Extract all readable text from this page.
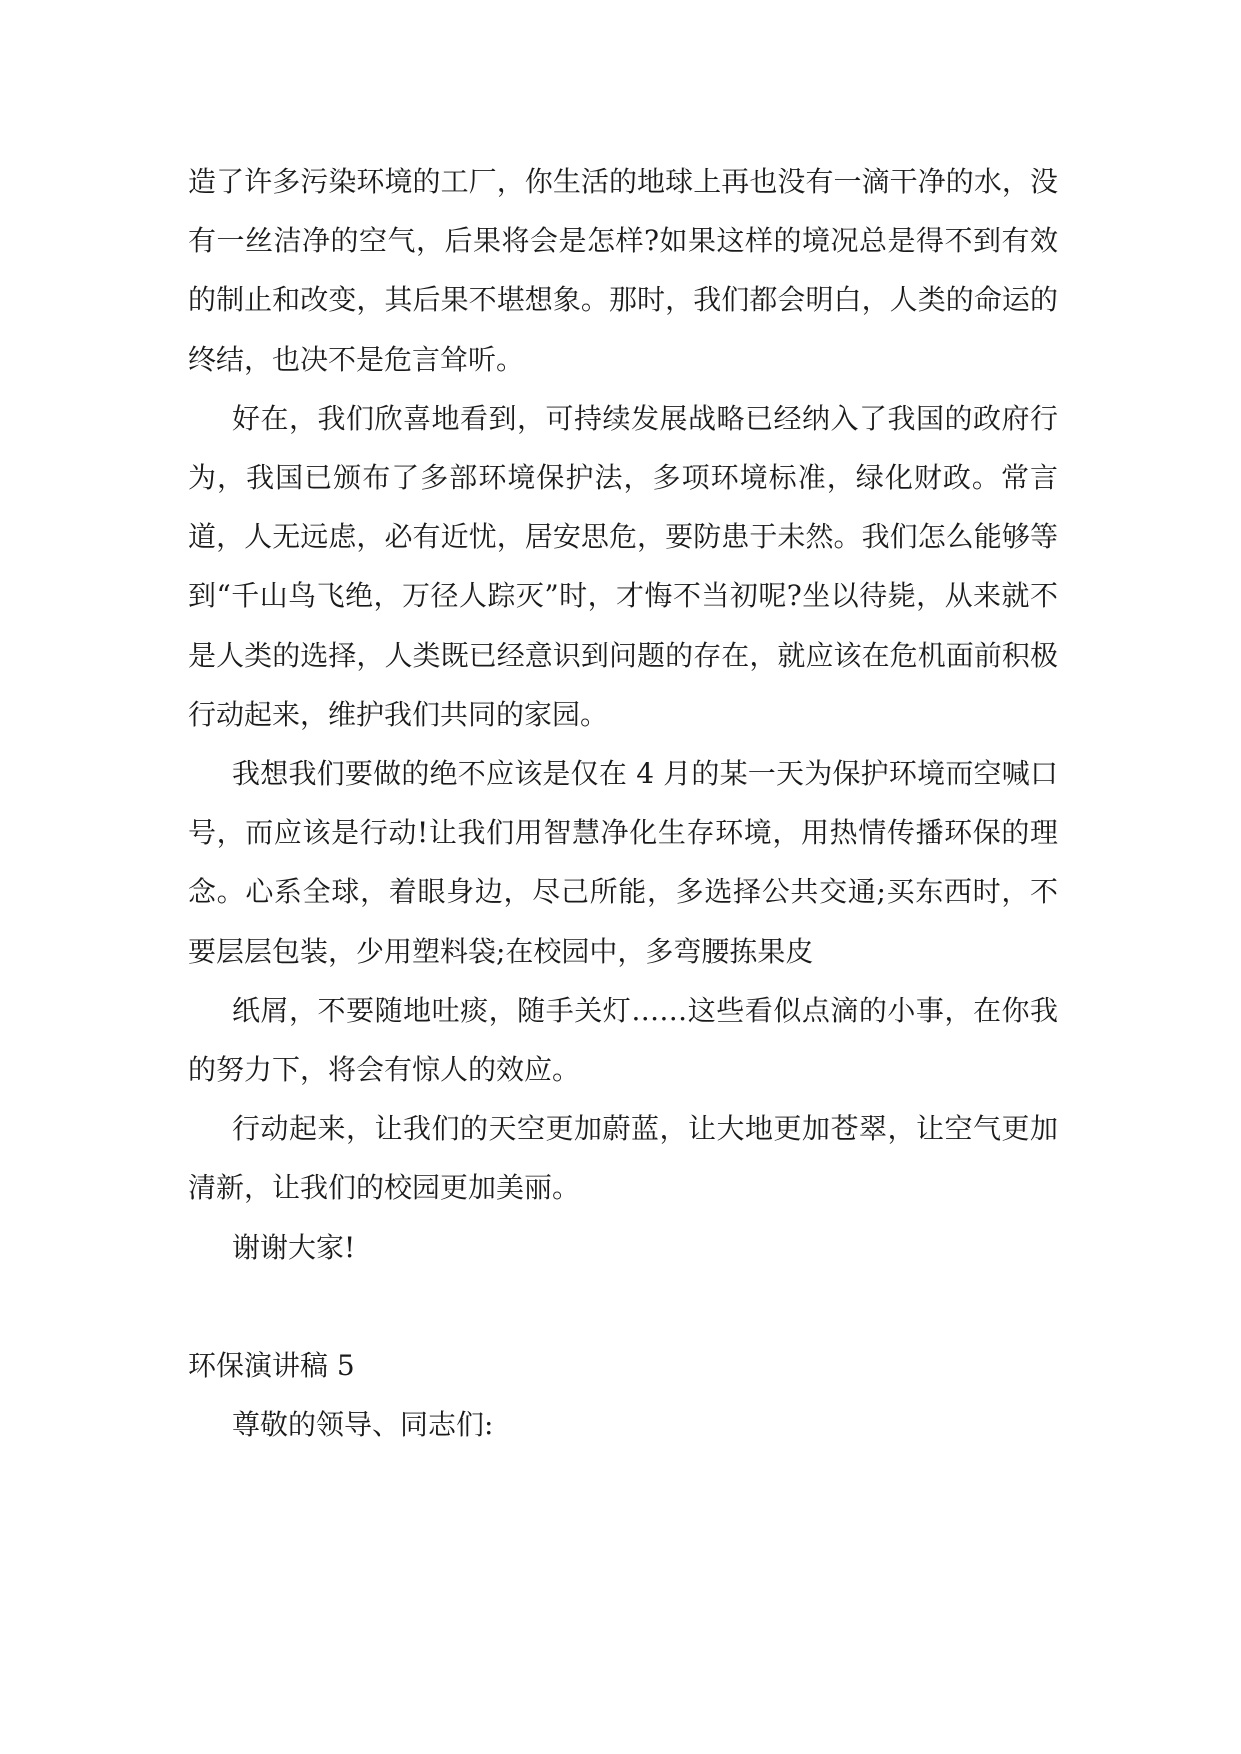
造了许多污染环境的工厂，你生活的地球上再也没有一滴干净的水，没有一丝洁净的空气，后果将会是怎样?如果这样的境况总是得不到有效的制止和改变，其后果不堪想象。那时，我们都会明白，人类的命运的终结，也决不是危言耸听。

好在，我们欣喜地看到，可持续发展战略已经纳入了我国的政府行为，我国已颁布了多部环境保护法，多项环境标准，绿化财政。常言道，人无远虑，必有近忧，居安思危，要防患于未然。我们怎么能够等到“千山鸟飞绝，万径人踪灭”时，才悔不当初呢?坐以待毙，从来就不是人类的选择，人类既已经意识到问题的存在，就应该在危机面前积极行动起来，维护我们共同的家园。

我想我们要做的绝不应该是仅在 4 月的某一天为保护环境而空喊口号，而应该是行动!让我们用智慧净化生存环境，用热情传播环保的理念。心系全球，着眼身边，尽己所能，多选择公共交通;买东西时，不要层层包装，少用塑料袋;在校园中，多弯腰拣果皮

纸屑，不要随地吐痰，随手关灯……这些看似点滴的小事，在你我的努力下，将会有惊人的效应。

行动起来，让我们的天空更加蔚蓝，让大地更加苍翠，让空气更加清新，让我们的校园更加美丽。

谢谢大家!

环保演讲稿 5

尊敬的领导、同志们:
